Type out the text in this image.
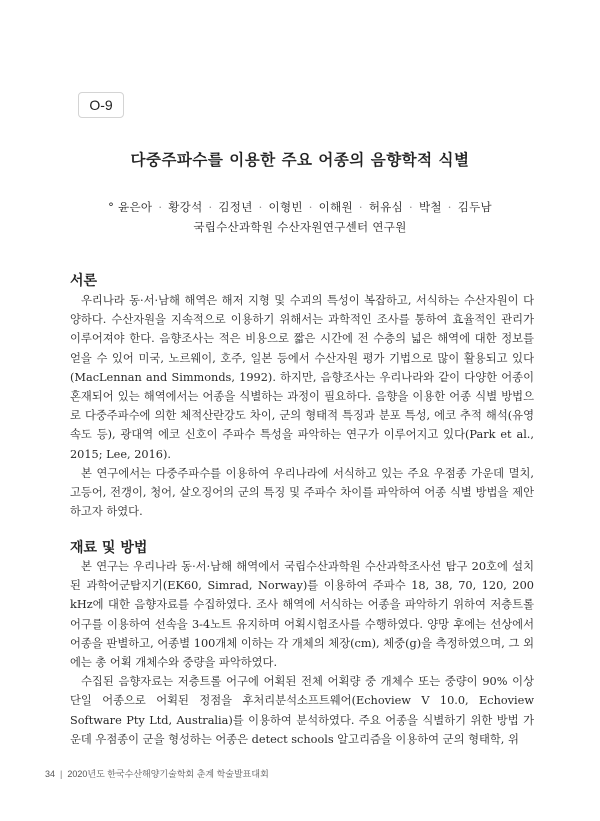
O-9
다중주파수를 이용한 주요 어종의 음향학적 식별
° 윤은아 · 황강석 · 김정년 · 이형빈 · 이해원 · 허유심 · 박철 · 김두남
국립수산과학원 수산자원연구센터 연구원
서론

우리나라 동·서·남해 해역은 해저 지형 및 수괴의 특성이 복잡하고, 서식하는 수산자원이 다양하다. 수산자원을 지속적으로 이용하기 위해서는 과학적인 조사를 통하여 효율적인 관리가 이루어져야 한다. 음향조사는 적은 비용으로 짧은 시간에 전 수층의 넓은 해역에 대한 정보를 얻을 수 있어 미국, 노르웨이, 호주, 일본 등에서 수산자원 평가 기법으로 많이 활용되고 있다(MacLennan and Simmonds, 1992). 하지만, 음향조사는 우리나라와 같이 다양한 어종이 혼재되어 있는 해역에서는 어종을 식별하는 과정이 필요하다. 음향을 이용한 어종 식별 방법으로 다중주파수에 의한 체적산란강도 차이, 군의 형태적 특징과 분포 특성, 에코 추적 해석(유영속도 등), 광대역 에코 신호이 주파수 특성을 파악하는 연구가 이루어지고 있다(Park et al., 2015; Lee, 2016).

본 연구에서는 다중주파수를 이용하여 우리나라에 서식하고 있는 주요 우점종 가운데 멸치, 고등어, 전갱이, 청어, 살오징어의 군의 특징 및 주파수 차이를 파악하여 어종 식별 방법을 제안하고자 하였다.

재료 및 방법

본 연구는 우리나라 동·서·남해 해역에서 국립수산과학원 수산과학조사선 탐구 20호에 설치된 과학어군탐지기(EK60, Simrad, Norway)를 이용하여 주파수 18, 38, 70, 120, 200 kHz에 대한 음향자료를 수집하였다. 조사 해역에 서식하는 어종을 파악하기 위하여 저층트롤 어구를 이용하여 선속을 3-4노트 유지하며 어획시험조사를 수행하였다. 양망 후에는 선상에서 어종을 판별하고, 어종별 100개체 이하는 각 개체의 체장(cm), 체중(g)을 측정하였으며, 그 외에는 총 어획 개체수와 중량을 파악하였다.

수집된 음향자료는 저층트롤 어구에 어획된 전체 어획량 중 개체수 또는 중량이 90% 이상 단일 어종으로 어획된 정점을 후처리분석소프트웨어(Echoview V 10.0, Echoview Software Pty Ltd, Australia)를 이용하여 분석하였다. 주요 어종을 식별하기 위한 방법 가운데 우점종이 군을 형성하는 어종은 detect schools 알고리즘을 이용하여 군의 형태학, 위

34 | 2020년도 한국수산해양기술학회 춘계 학술발표대회
